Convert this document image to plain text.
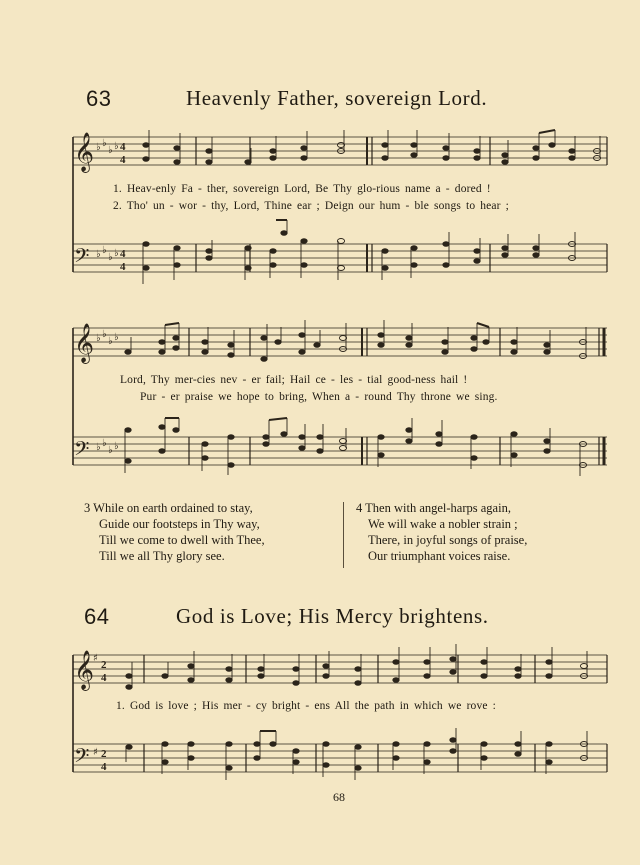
63	Heavenly Father, sovereign Lord.
𝄞
𝄢
♭ ♭
♭ ♭
♭ ♭
♭ ♭
4
4
4
4
1. Heav-enly Fa - ther, sovereign Lord, Be Thy glo-rious name a - dored !
2. Tho' un - wor - thy, Lord, Thine ear ; Deign our hum - ble songs to hear ;
𝄞
𝄢
♭ ♭
♭ ♭
♭ ♭
♭ ♭
Lord, Thy mer-cies nev - er fail; Hail ce - les - tial good-ness hail !
Pur - er praise we hope to bring, When a - round Thy throne we sing.
3 While on earth ordained to stay,
Guide our footsteps in Thy way,
Till we come to dwell with Thee,
Till we all Thy glory see.
4 Then with angel-harps again,
We will wake a nobler strain ;
There, in joyful songs of praise,
Our triumphant voices raise.
64	God is Love; His Mercy brightens.
𝄞
𝄢
♯
♯
2
4
2
4
1. God is love ; His mer - cy bright - ens All the path in which we rove :
68
